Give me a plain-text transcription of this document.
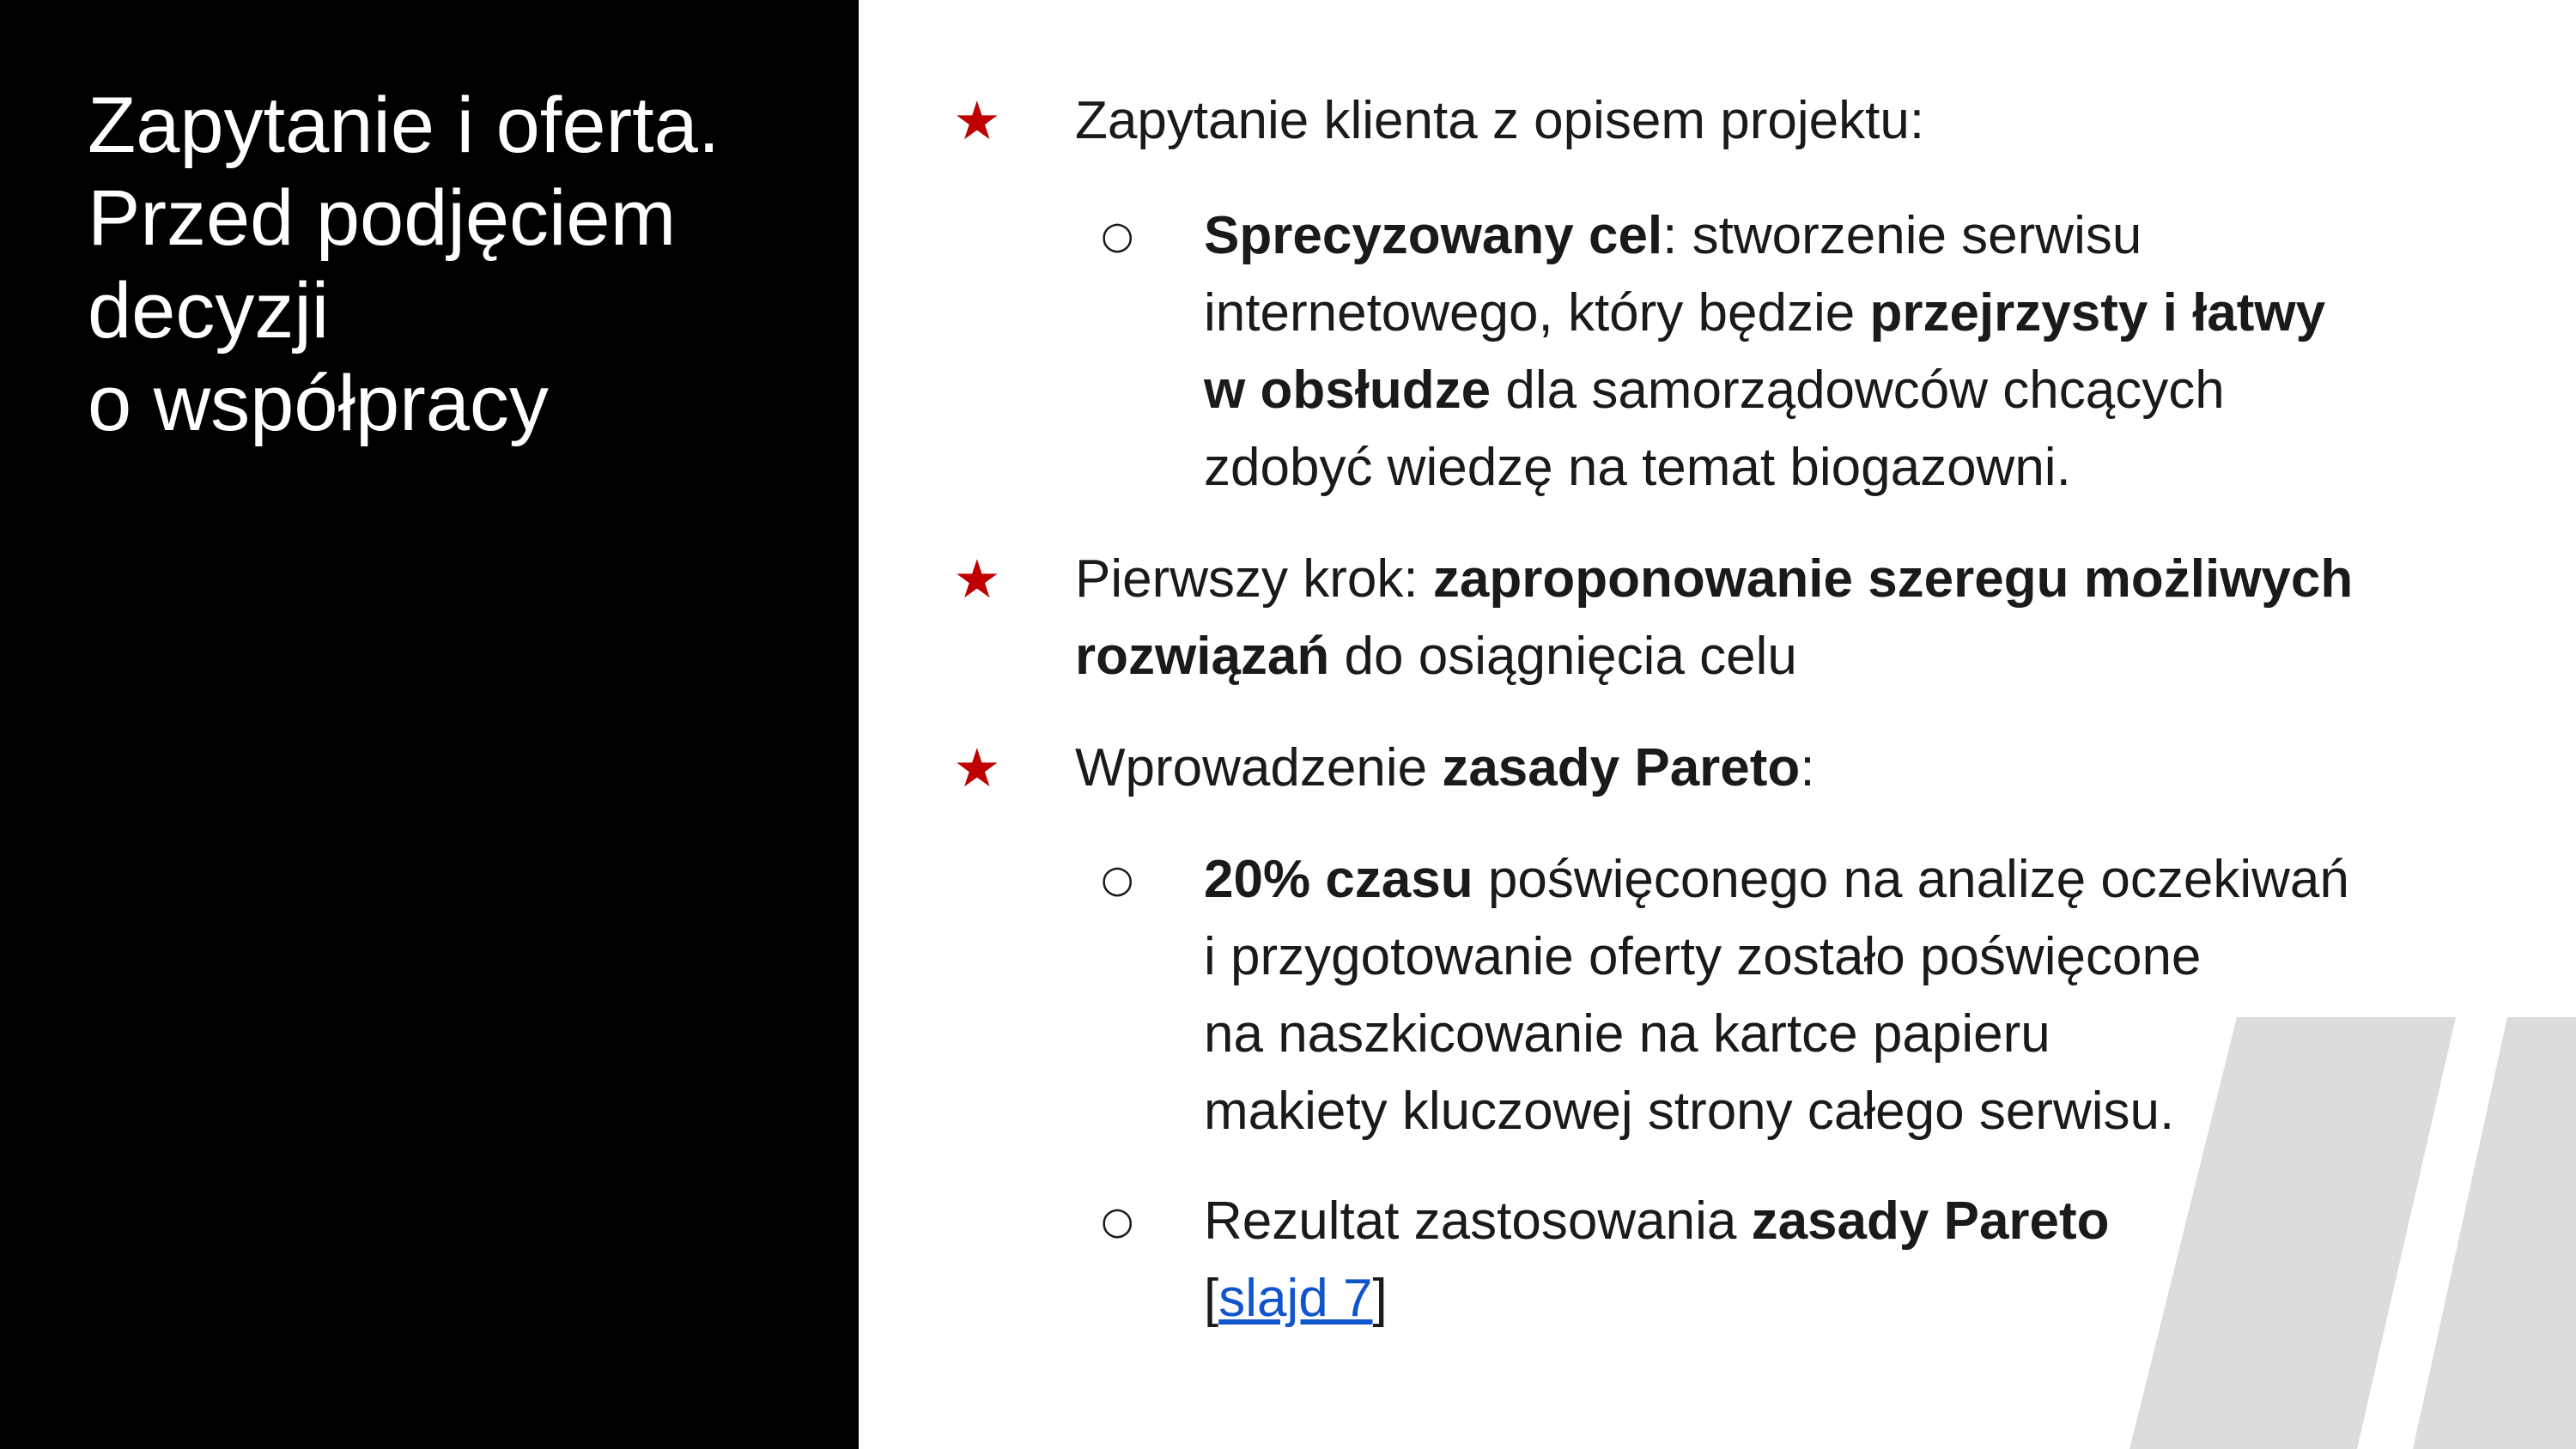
Zapytanie i oferta.
Przed podjęciem
decyzji
o współpracy
★ Zapytanie klienta z opisem projektu:

○ Sprecyzowany cel: stworzenie serwisu
internetowego, który będzie przejrzysty i łatwy
w obsłudze dla samorządowców chcących
zdobyć wiedzę na temat biogazowni.

★ Pierwszy krok: zaproponowanie szeregu możliwych
rozwiązań do osiągnięcia celu

★ Wprowadzenie zasady Pareto:

○ 20% czasu poświęconego na analizę oczekiwań
i przygotowanie oferty zostało poświęcone
na naszkicowanie na kartce papieru
makiety kluczowej strony całego serwisu.

○ Rezultat zastosowania zasady Pareto
[slajd 7]
